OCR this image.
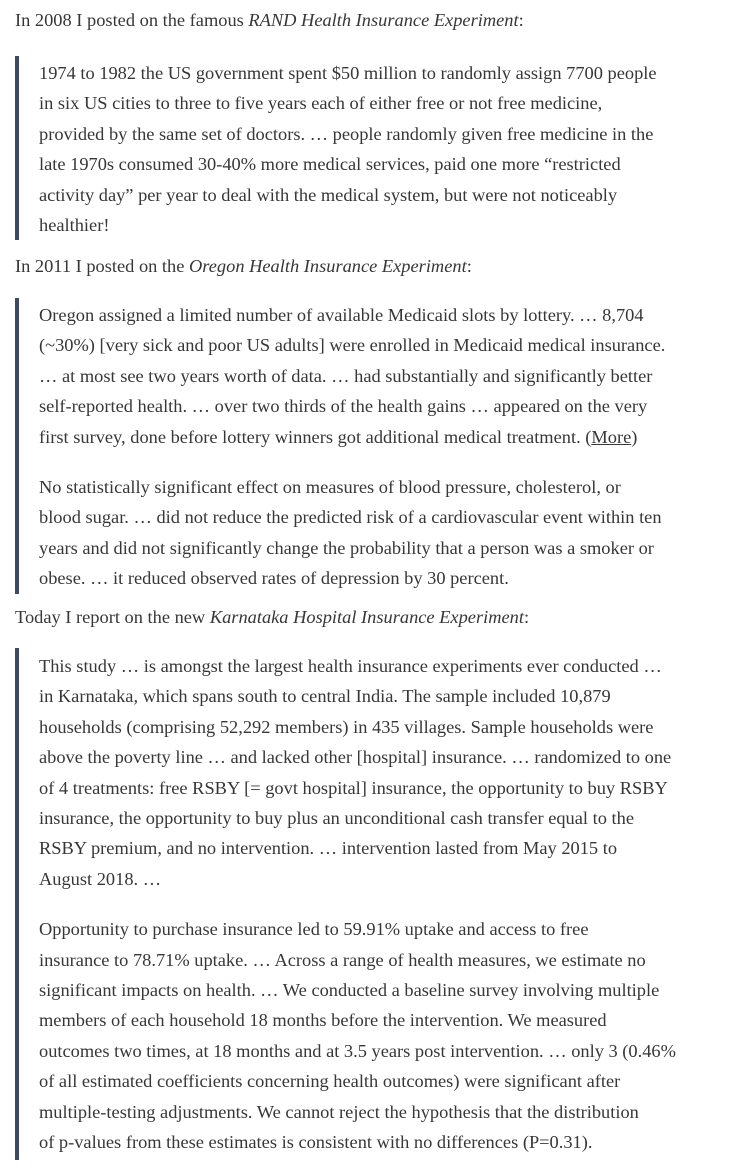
In 2008 I posted on the famous RAND Health Insurance Experiment:

1974 to 1982 the US government spent $50 million to randomly assign 7700 people
in six US cities to three to five years each of either free or not free medicine,
provided by the same set of doctors. … people randomly given free medicine in the
late 1970s consumed 30-40% more medical services, paid one more “restricted
activity day” per year to deal with the medical system, but were not noticeably
healthier!

In 2011 I posted on the Oregon Health Insurance Experiment:

Oregon assigned a limited number of available Medicaid slots by lottery. … 8,704
(~30%) [very sick and poor US adults] were enrolled in Medicaid medical insurance.
… at most see two years worth of data. … had substantially and significantly better
self-reported health. … over two thirds of the health gains … appeared on the very
first survey, done before lottery winners got additional medical treatment. (More)

No statistically significant effect on measures of blood pressure, cholesterol, or
blood sugar. … did not reduce the predicted risk of a cardiovascular event within ten
years and did not significantly change the probability that a person was a smoker or
obese. … it reduced observed rates of depression by 30 percent.

Today I report on the new Karnataka Hospital Insurance Experiment:

This study … is amongst the largest health insurance experiments ever conducted …
in Karnataka, which spans south to central India. The sample included 10,879
households (comprising 52,292 members) in 435 villages. Sample households were
above the poverty line … and lacked other [hospital] insurance. … randomized to one
of 4 treatments: free RSBY [= govt hospital] insurance, the opportunity to buy RSBY
insurance, the opportunity to buy plus an unconditional cash transfer equal to the
RSBY premium, and no intervention. … intervention lasted from May 2015 to
August 2018. …

Opportunity to purchase insurance led to 59.91% uptake and access to free
insurance to 78.71% uptake. … Across a range of health measures, we estimate no
significant impacts on health. … We conducted a baseline survey involving multiple
members of each household 18 months before the intervention. We measured
outcomes two times, at 18 months and at 3.5 years post intervention. … only 3 (0.46%
of all estimated coefficients concerning health outcomes) were significant after
multiple-testing adjustments. We cannot reject the hypothesis that the distribution
of p-values from these estimates is consistent with no differences (P=0.31).
